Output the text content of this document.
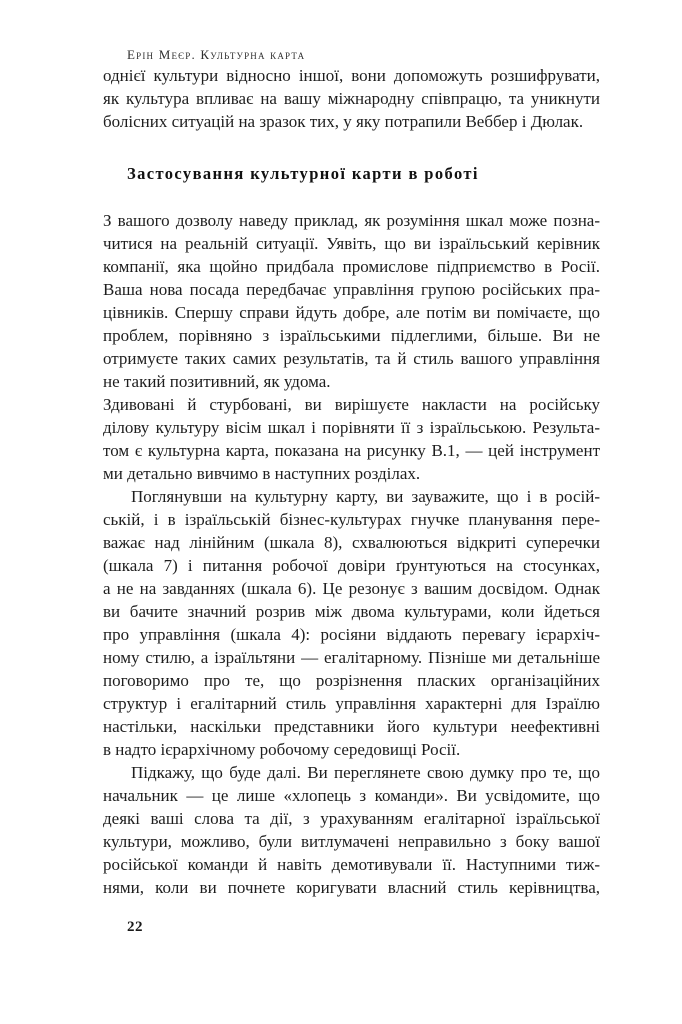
Ерін Меєр. Культурна карта
однієї культури відносно іншої, вони допоможуть розшифрувати,
як культура впливає на вашу міжнародну співпрацю, та уникнути
болісних ситуацій на зразок тих, у яку потрапили Веббер і Дюлак.
Застосування культурної карти в роботі
З вашого дозволу наведу приклад, як розуміння шкал може позна-
читися на реальній ситуації. Уявіть, що ви ізраїльський керівник
компанії, яка щойно придбала промислове підприємство в Росії.
Ваша нова посада передбачає управління групою російських пра-
цівників. Спершу справи йдуть добре, але потім ви помічаєте, що
проблем, порівняно з ізраїльськими підлеглими, більше. Ви не
отримуєте таких самих результатів, та й стиль вашого управління
не такий позитивний, як удома.
Здивовані й стурбовані, ви вирішуєте накласти на російську
ділову культуру вісім шкал і порівняти її з ізраїльською. Результа-
том є культурна карта, показана на рисунку В.1, — цей інструмент
ми детально вивчимо в наступних розділах.
Поглянувши на культурну карту, ви зауважите, що і в росій-
ській, і в ізраїльській бізнес-культурах гнучке планування пере-
важає над лінійним (шкала 8), схвалюються відкриті суперечки
(шкала 7) і питання робочої довіри ґрунтуються на стосунках,
а не на завданнях (шкала 6). Це резонує з вашим досвідом. Однак
ви бачите значний розрив між двома культурами, коли йдеться
про управління (шкала 4): росіяни віддають перевагу ієрархіч-
ному стилю, а ізраїльтяни — егалітарному. Пізніше ми детальніше
поговоримо про те, що розрізнення пласких організаційних
структур і егалітарний стиль управління характерні для Ізраїлю
настільки, наскільки представники його культури неефективні
в надто ієрархічному робочому середовищі Росії.
Підкажу, що буде далі. Ви переглянете свою думку про те, що
начальник — це лише «хлопець з команди». Ви усвідомите, що
деякі ваші слова та дії, з урахуванням егалітарної ізраїльської
культури, можливо, були витлумачені неправильно з боку вашої
російської команди й навіть демотивували її. Наступними тиж-
нями, коли ви почнете коригувати власний стиль керівництва,
22
